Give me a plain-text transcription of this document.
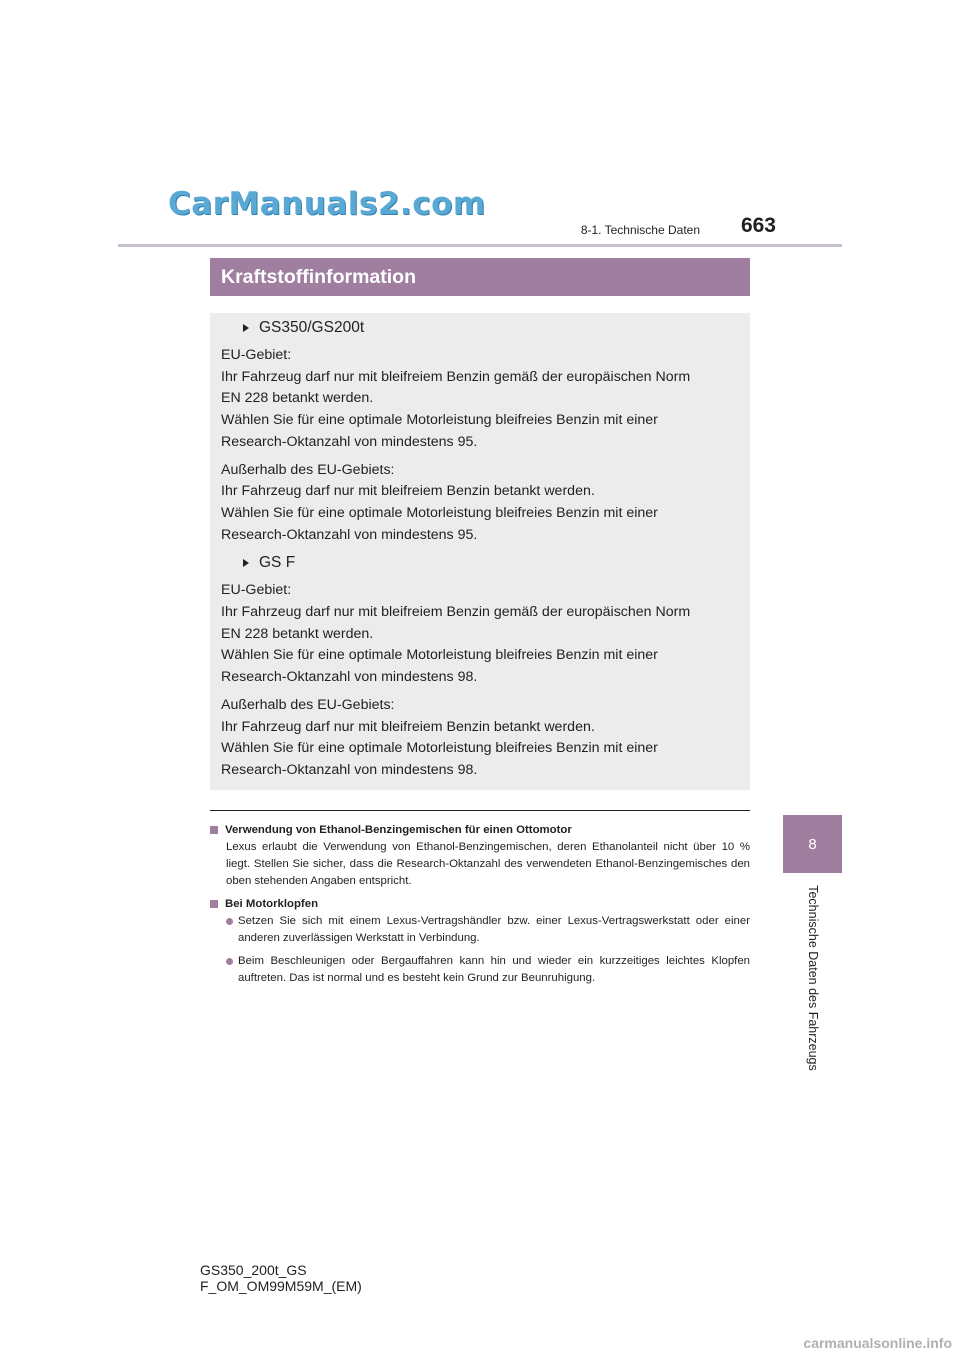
CarManuals2.com
8-1. Technische Daten	663
8
Technische Daten des Fahrzeugs
Kraftstoffinformation
GS350/GS200t
EU-Gebiet:
Ihr Fahrzeug darf nur mit bleifreiem Benzin gemäß der europäischen Norm
EN 228 betankt werden.
Wählen Sie für eine optimale Motorleistung bleifreies Benzin mit einer
Research-Oktanzahl von mindestens 95.
Außerhalb des EU-Gebiets:
Ihr Fahrzeug darf nur mit bleifreiem Benzin betankt werden.
Wählen Sie für eine optimale Motorleistung bleifreies Benzin mit einer
Research-Oktanzahl von mindestens 95.
GS F
EU-Gebiet:
Ihr Fahrzeug darf nur mit bleifreiem Benzin gemäß der europäischen Norm
EN 228 betankt werden.
Wählen Sie für eine optimale Motorleistung bleifreies Benzin mit einer
Research-Oktanzahl von mindestens 98.
Außerhalb des EU-Gebiets:
Ihr Fahrzeug darf nur mit bleifreiem Benzin betankt werden.
Wählen Sie für eine optimale Motorleistung bleifreies Benzin mit einer
Research-Oktanzahl von mindestens 98.
Verwendung von Ethanol-Benzingemischen für einen Ottomotor
Lexus erlaubt die Verwendung von Ethanol-Benzingemischen, deren Ethanolanteil nicht über 10 % liegt. Stellen Sie sicher, dass die Research-Oktanzahl des verwendeten Ethanol-Benzingemisches den oben stehenden Angaben entspricht.
Bei Motorklopfen
Setzen Sie sich mit einem Lexus-Vertragshändler bzw. einer Lexus-Vertragswerkstatt oder einer anderen zuverlässigen Werkstatt in Verbindung.
Beim Beschleunigen oder Bergauffahren kann hin und wieder ein kurzzeitiges leichtes Klopfen auftreten. Das ist normal und es besteht kein Grund zur Beunruhigung.
GS350_200t_GS F_OM_OM99M59M_(EM)
carmanualsonline.info
